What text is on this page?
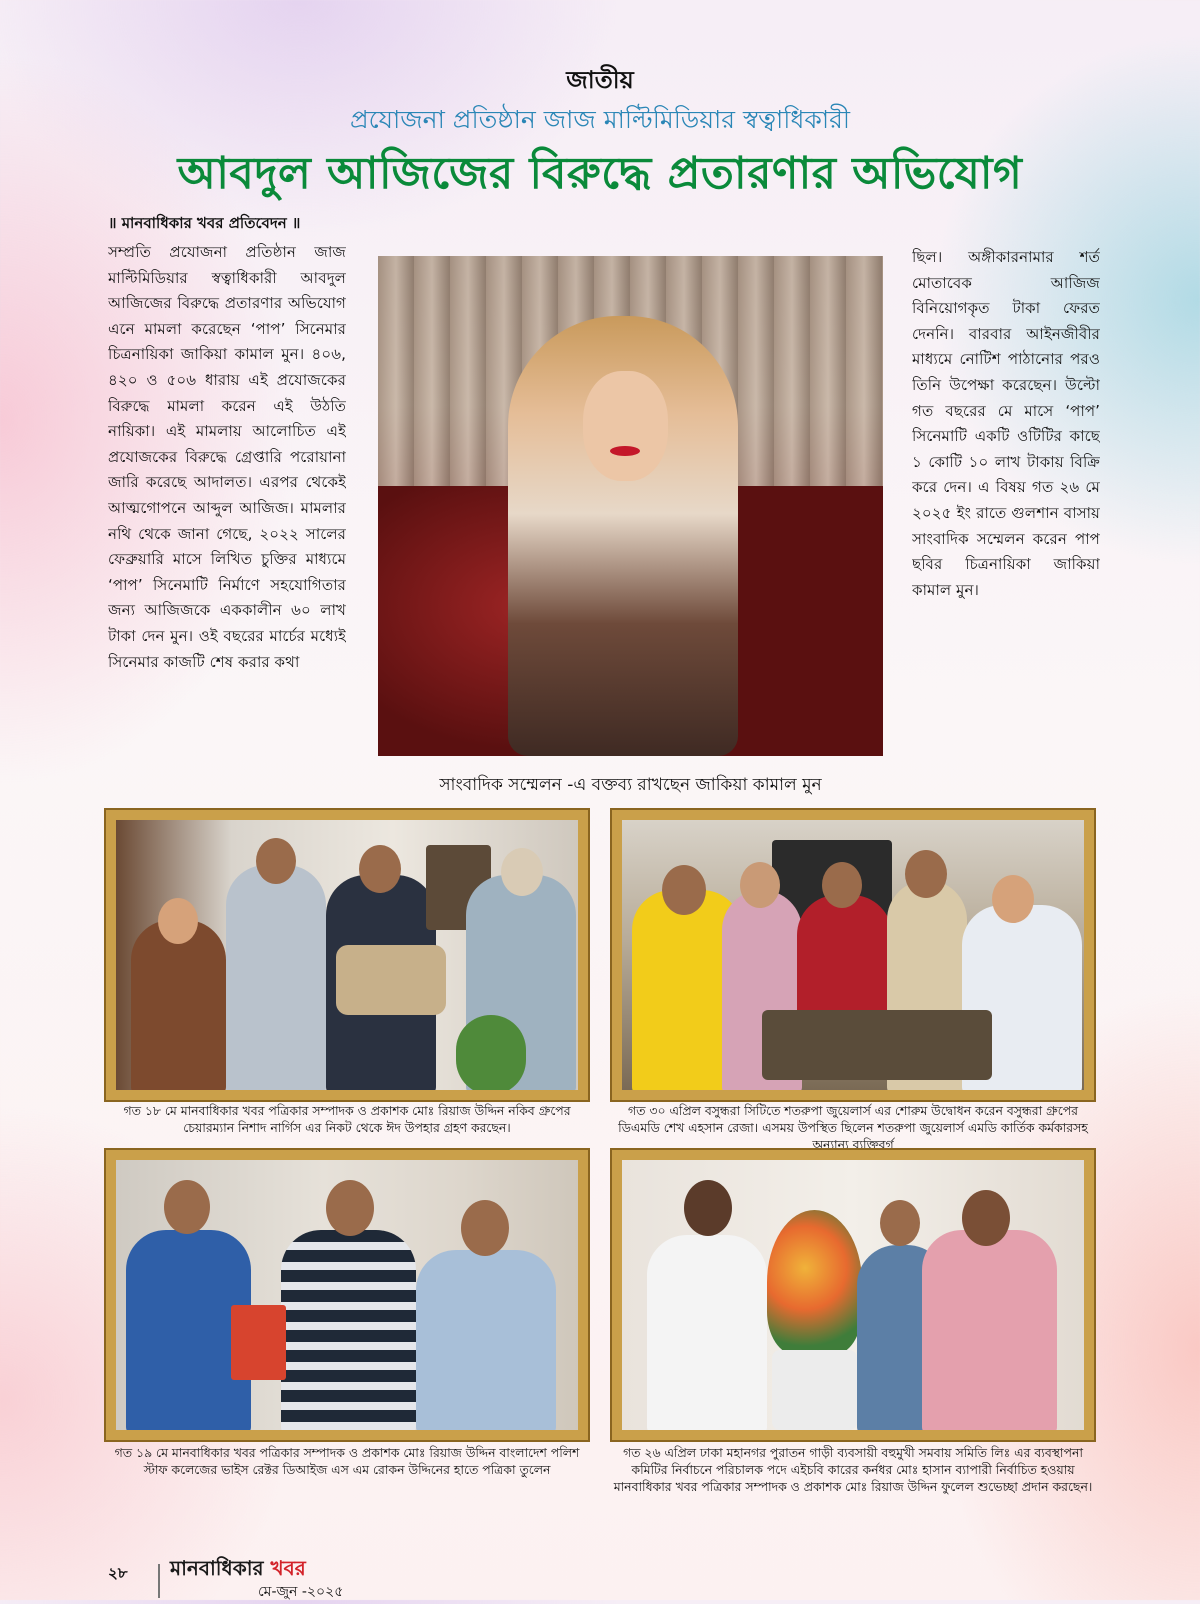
জাতীয়
প্রযোজনা প্রতিষ্ঠান জাজ মাল্টিমিডিয়ার স্বত্বাধিকারী
আবদুল আজিজের বিরুদ্ধে প্রতারণার অভিযোগ
॥ মানবাধিকার খবর প্রতিবেদন ॥
সম্প্রতি প্রযোজনা প্রতিষ্ঠান জাজ মাল্টিমিডিয়ার স্বত্বাধিকারী আবদুল আজিজের বিরুদ্ধে প্রতারণার অভিযোগ এনে মামলা করেছেন ‘পাপ’ সিনেমার চিত্রনায়িকা জাকিয়া কামাল মুন। ৪০৬, ৪২০ ও ৫০৬ ধারায় এই প্রযোজকের বিরুদ্ধে মামলা করেন এই উঠতি নায়িকা। এই মামলায় আলোচিত এই প্রযোজকের বিরুদ্ধে গ্রেপ্তারি পরোয়ানা জারি করেছে আদালত। এরপর থেকেই আত্মগোপনে আব্দুল আজিজ। মামলার নথি থেকে জানা গেছে, ২০২২ সালের ফেব্রুয়ারি মাসে লিখিত চুক্তির মাধ্যমে ‘পাপ’ সিনেমাটি নির্মাণে সহযোগিতার জন্য আজিজকে এককালীন ৬০ লাখ টাকা দেন মুন। ওই বছরের মার্চের মধ্যেই সিনেমার কাজটি শেষ করার কথা
সাংবাদিক সম্মেলন -এ বক্তব্য রাখছেন জাকিয়া কামাল মুন
ছিল। অঙ্গীকারনামার শর্ত মোতাবেক আজিজ বিনিয়োগকৃত টাকা ফেরত দেননি। বারবার আইনজীবীর মাধ্যমে নোটিশ পাঠানোর পরও তিনি উপেক্ষা করেছেন। উল্টো গত বছরের মে মাসে ‘পাপ’ সিনেমাটি একটি ওটিটির কাছে ১ কোটি ১০ লাখ টাকায় বিক্রি করে দেন। এ বিষয় গত ২৬ মে ২০২৫ ইং রাতে গুলশান বাসায় সাংবাদিক সম্মেলন করেন পাপ ছবির চিত্রনায়িকা জাকিয়া কামাল মুন।
গত ১৮ মে মানবাধিকার খবর পত্রিকার সম্পাদক ও প্রকাশক মোঃ রিয়াজ উদ্দিন নকিব গ্রুপের চেয়ারম্যান নিশাদ নার্গিস এর নিকট থেকে ঈদ উপহার গ্রহণ করছেন।
গত ৩০ এপ্রিল বসুন্ধরা সিটিতে শতরুপা জুয়েলার্স এর শোরুম উদ্বোধন করেন বসুন্ধরা গ্রুপের ডিএমডি শেখ এহসান রেজা। এসময় উপস্থিত ছিলেন শতরুপা জুয়েলার্স এমডি কার্তিক কর্মকারসহ অন্যান্য ব্যক্তিবর্গ
গত ১৯ মে মানবাধিকার খবর পত্রিকার সম্পাদক ও প্রকাশক মোঃ রিয়াজ উদ্দিন বাংলাদেশ পলিশ স্টাফ কলেজের ভাইস রেক্টর ডিআইজ এস এম রোকন উদ্দিনের হাতে পত্রিকা তুলেন
গত ২৬ এপ্রিল ঢাকা মহানগর পুরাতন গাড়ী ব্যবসায়ী বহুমুখী সমবায় সমিতি লিঃ এর ব্যবস্থাপনা কমিটির নির্বাচনে পরিচালক পদে এইচবি কারের কর্নধর মোঃ হাসান ব্যাপারী নির্বাচিত হওয়ায় মানবাধিকার খবর পত্রিকার সম্পাদক ও প্রকাশক মোঃ রিয়াজ উদ্দিন ফুলেল শুভেচ্ছা প্রদান করছেন।
২৮ মানবাধিকার খবর
মে-জুন -২০২৫
